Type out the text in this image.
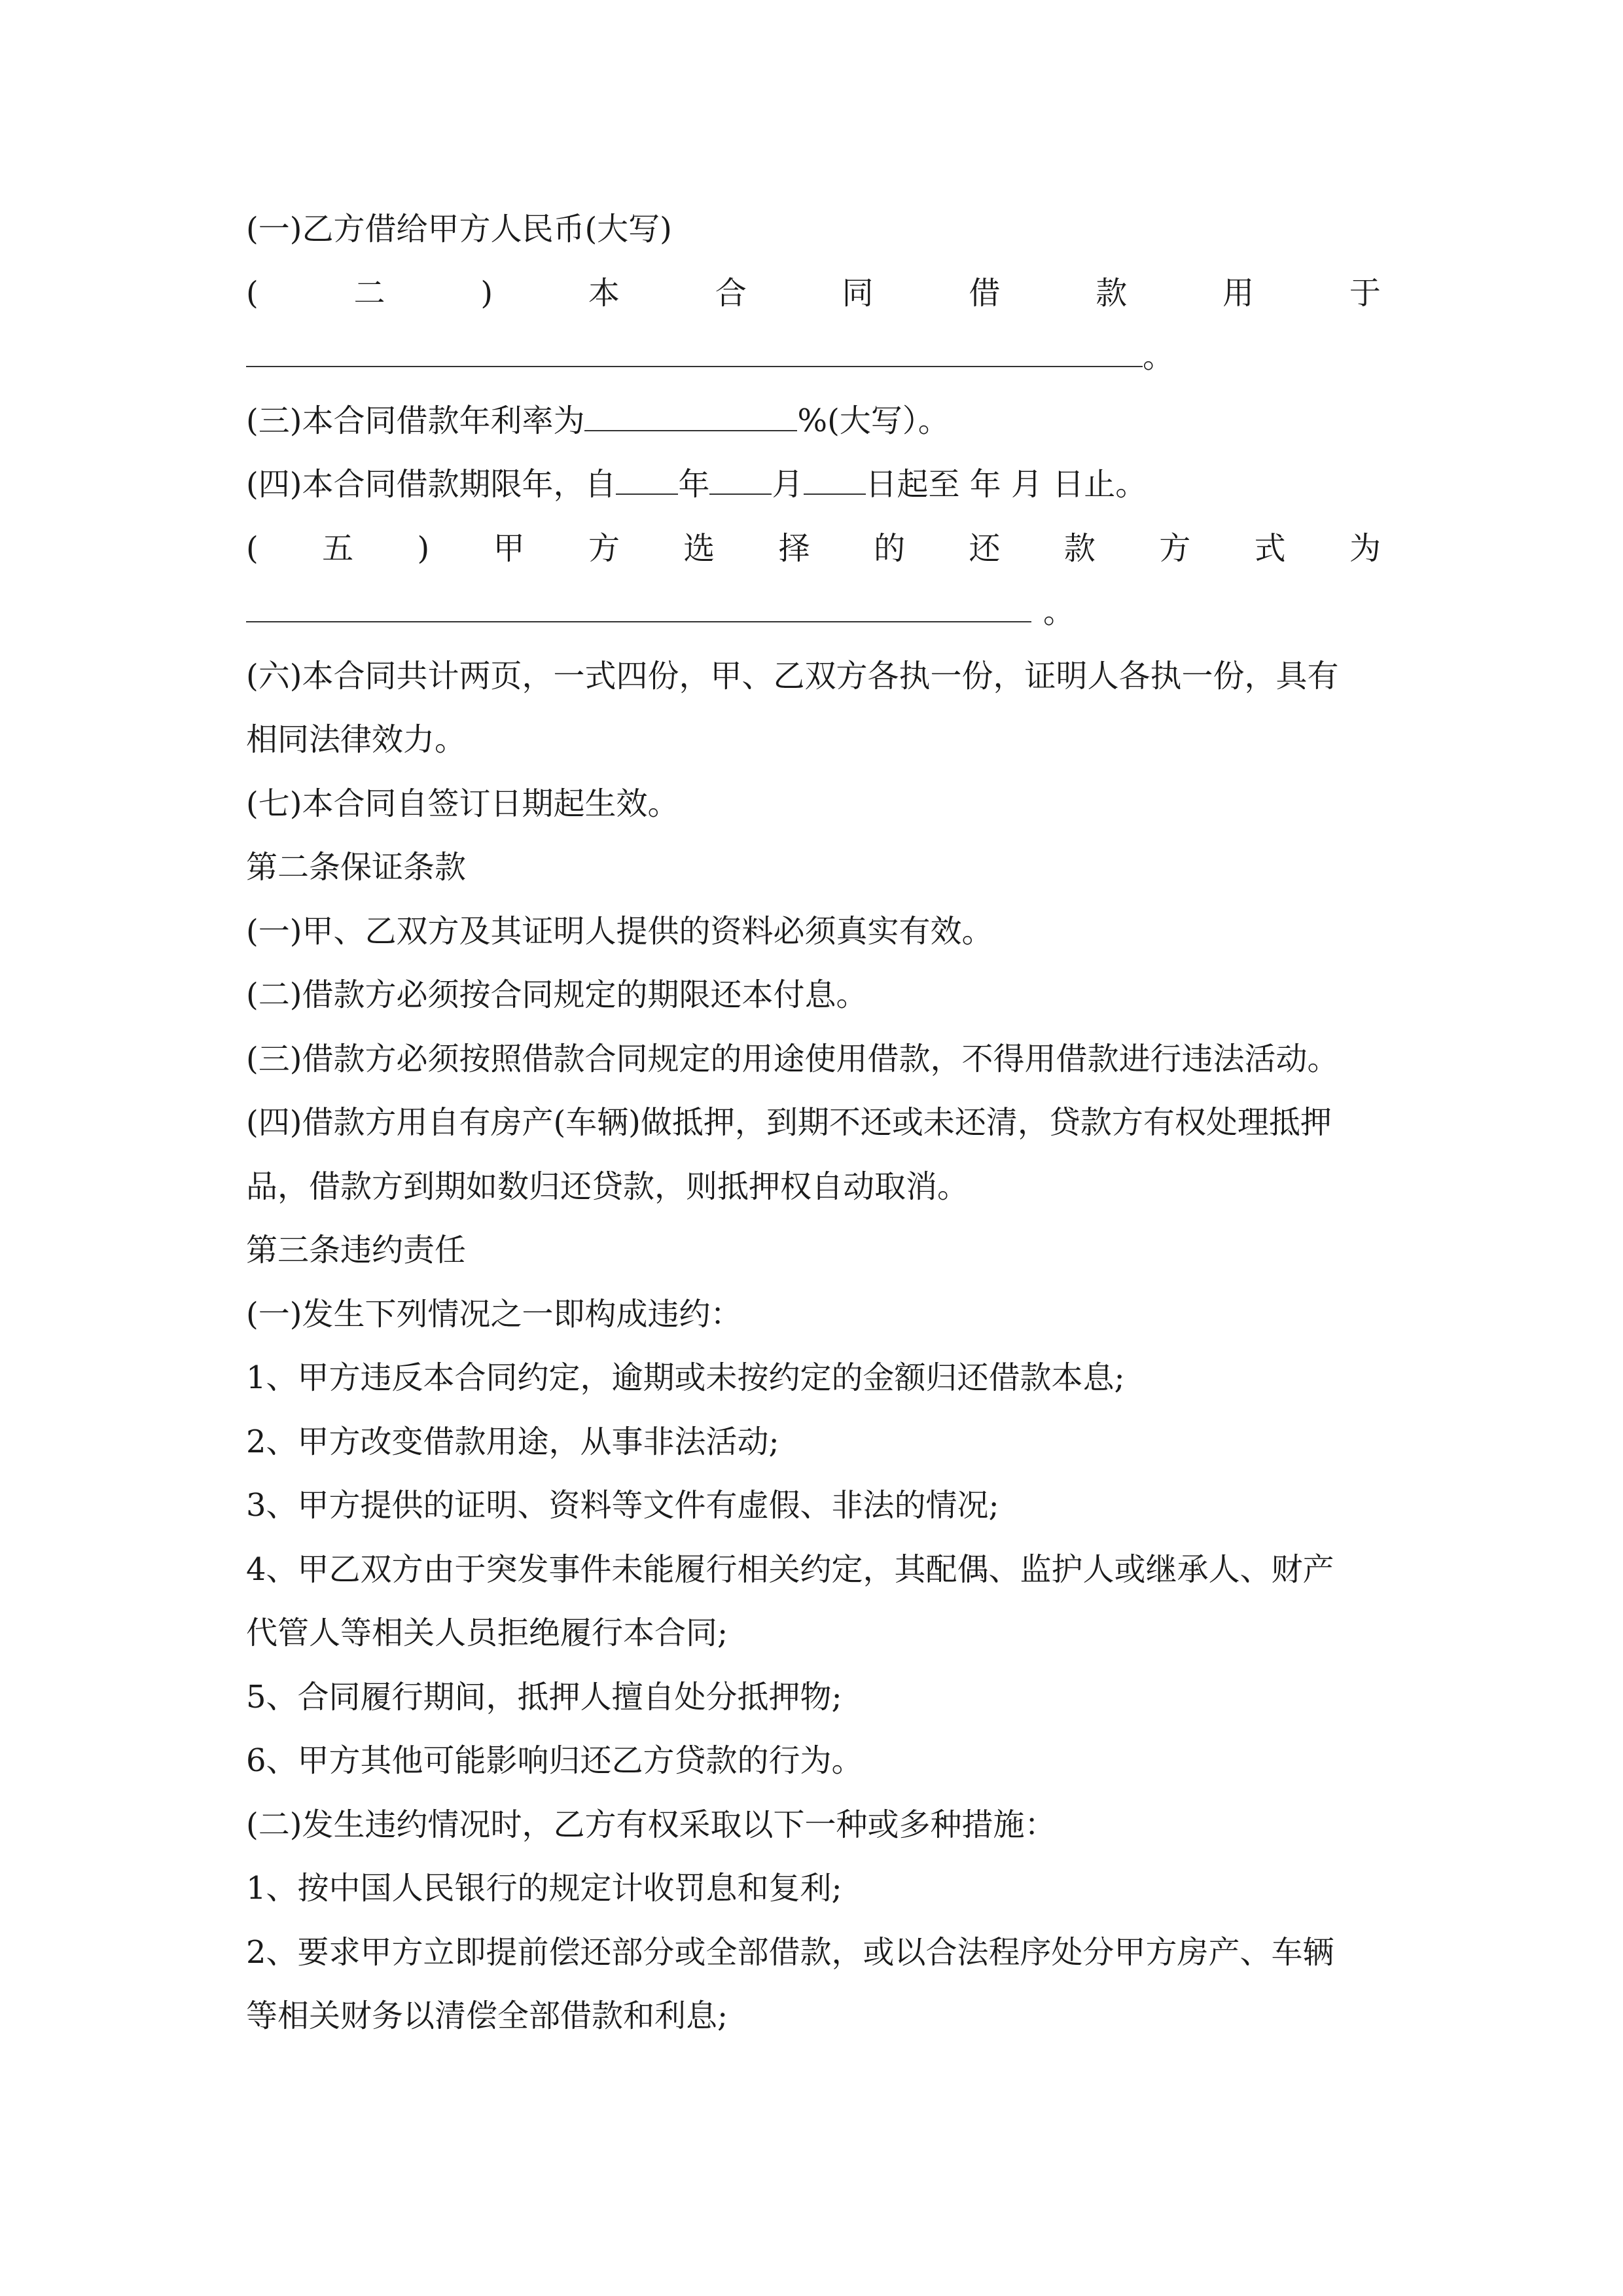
(一)乙方借给甲方人民币(大写)
(	二	)	本	合	同	借	款	用	于
。
(三)本合同借款年利率为	%(大写）。
(四)本合同借款期限年，自 年 月 日起至 年 月 日止。
( 五 ) 甲 方 选 择 的 还 款 方 式 为
。
(六)本合同共计两页，一式四份，甲、乙双方各执一份，证明人各执一份，具有
相同法律效力。
(七)本合同自签订日期起生效。
第二条保证条款
(一)甲、乙双方及其证明人提供的资料必须真实有效。
(二)借款方必须按合同规定的期限还本付息。
(三)借款方必须按照借款合同规定的用途使用借款，不得用借款进行违法活动。
(四)借款方用自有房产(车辆)做抵押，到期不还或未还清，贷款方有权处理抵押
品，借款方到期如数归还贷款，则抵押权自动取消。
第三条违约责任
(一)发生下列情况之一即构成违约：
1、甲方违反本合同约定，逾期或未按约定的金额归还借款本息;
2、甲方改变借款用途，从事非法活动;
3、甲方提供的证明、资料等文件有虚假、非法的情况;
4、甲乙双方由于突发事件未能履行相关约定，其配偶、监护人或继承人、财产
代管人等相关人员拒绝履行本合同;
5、合同履行期间，抵押人擅自处分抵押物;
6、甲方其他可能影响归还乙方贷款的行为。
(二)发生违约情况时，乙方有权采取以下一种或多种措施：
1、按中国人民银行的规定计收罚息和复利;
2、要求甲方立即提前偿还部分或全部借款，或以合法程序处分甲方房产、车辆
等相关财务以清偿全部借款和利息;
